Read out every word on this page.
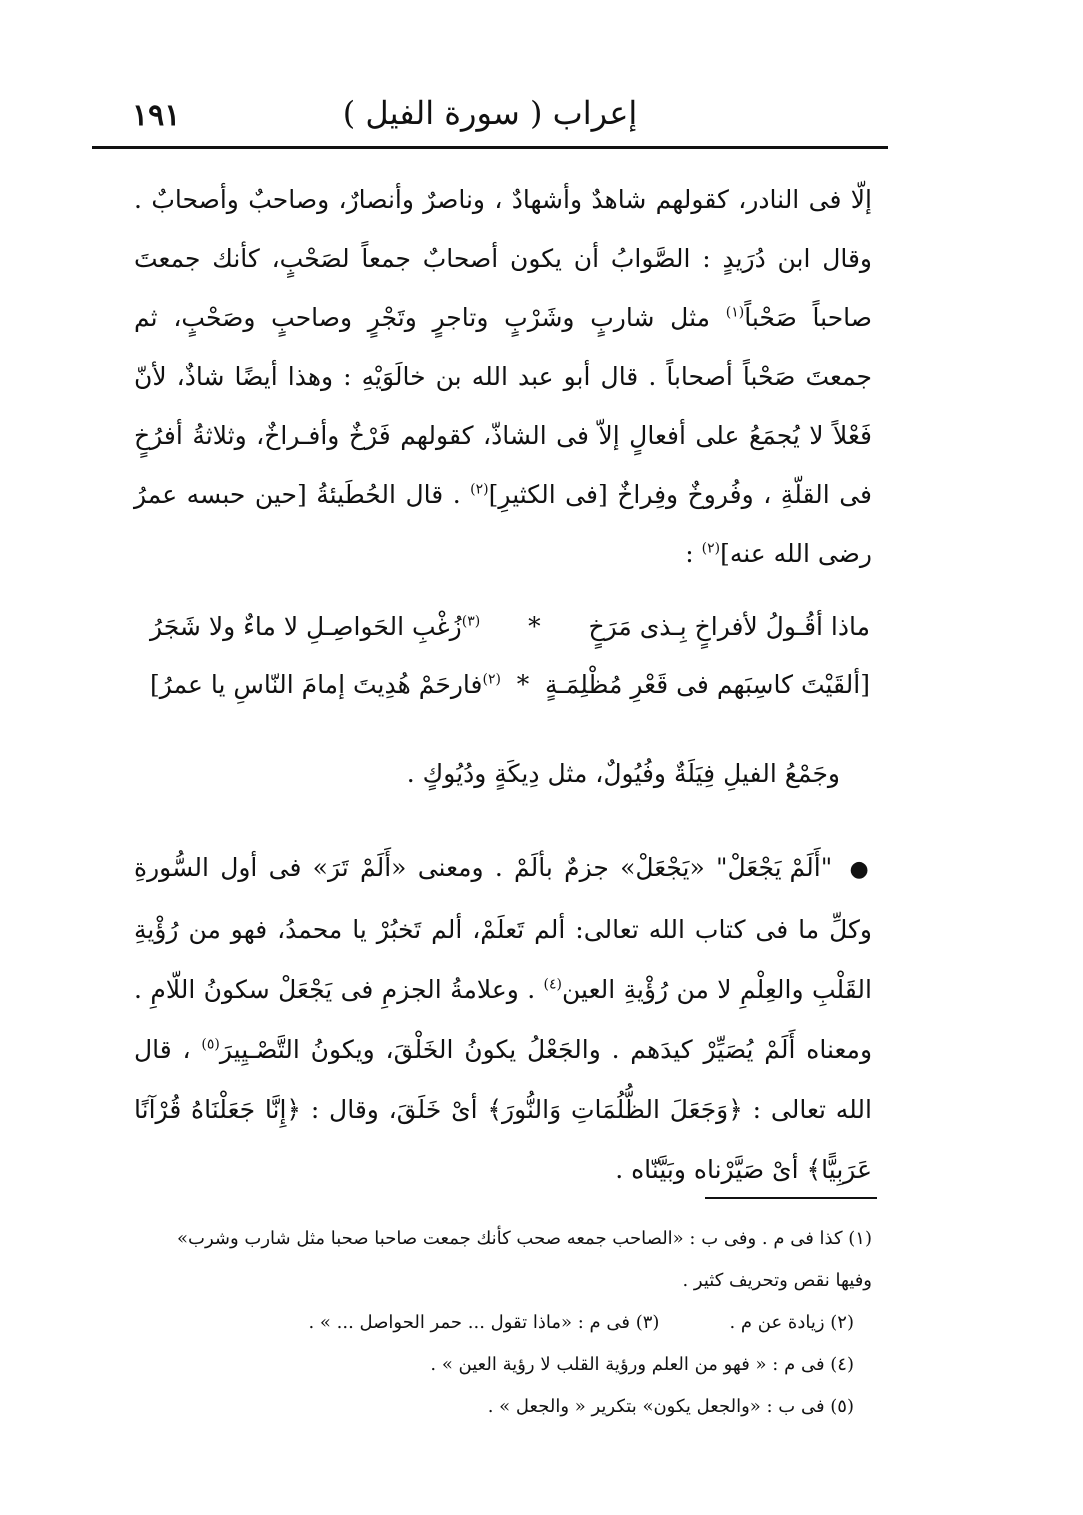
١٩١	إعراب ( سورة الفيل )

إلّا فى النادر، كقولهم شاهدٌ وأشهادٌ ، وناصرٌ وأنصارٌ، وصاحبٌ وأصحابٌ . وقال ابن دُرَيدٍ : الصَّوابُ أن يكون أصحابٌ جمعاً لصَحْبٍ، كأنك جمعتَ صاحباً صَحْباً$^{(١)}$ مثل شاربٍ وشَرْبٍ وتاجرٍ وتَجْرٍ وصاحبٍ وصَحْبٍ، ثم جمعتَ صَحْباً أصحاباً . قال أبو عبد الله بن خالَوَيْهِ : وهذا أيضًا شاذٌ، لأنّ فَعْلاً لا يُجمَعُ على أفعالٍ إلاّ فى الشاذّ، كقولهم فَرْخٌ وأفـراخٌ، وثلاثةُ أفرُخٍ فى القلّةِ ، وفُروخٌ وفِراخٌ [فى الكثيرِ]$^{(٢)}$ . قال الحُطَيئةُ [حين حبسه عمرُ رضى الله عنه]$^{(٢)}$ :

ماذا أقُـولُ لأفراخٍ بِـذى مَرَخٍ
*
$^{(٣)}$زُغْبِ الحَواصِـلِ لا ماءٌ ولا شَجَرُ
[ألقَيْتَ كاسِبَهم فى قَعْرِ مُظْلِمَـةٍ
*
$^{(٢)}$فارحَمْ هُدِيتَ إمامَ النّاسِ يا عمرُ]
وجَمْعُ الفيلِ فِيَلَةٌ وفُيُولٌ، مثل دِيكَةٍ ودُيُوكٍ .

● "أَلَمْ يَجْعَلْ" «يَجْعَلْ» جزمٌ بألَمْ . ومعنى «أَلَمْ تَرَ» فى أول السُّورةِ وكلِّ ما فى كتاب الله تعالى: ألم تَعلَمْ، ألم تَخبُرْ يا محمدُ، فهو من رُؤْيةِ القَلْبِ والعِلْمِ لا من رُؤْيةِ العين$^{(٤)}$ . وعلامةُ الجزمِ فى يَجْعَلْ سكونُ اللّامِ . ومعناه أَلَمْ يُصَيِّرْ كيدَهم . والجَعْلُ يكونُ الخَلْقَ، ويكونُ التَّصْـيِيرَ$^{(٥)}$ ، قال الله تعالى : ﴿وَجَعَلَ الظُّلُمَاتِ وَالنُّورَ﴾ أىْ خَلَقَ، وقال : ﴿إِنَّا جَعَلْنَاهُ قُرْآنًا عَرَبِيًّا﴾ أىْ صَيَّرْناه وبَيَّنّاه .

(١) كذا فى م . وفى ب : «الصاحب جمعه صحب كأنك جمعت صاحبا صحبا مثل شارب وشرب»

وفيها نقص وتحريف كثير .

(٢) زيادة عن م .

(٣) فى م : «ماذا تقول ... حمر الحواصل ... » .

(٤) فى م : « فهو من العلم ورؤية القلب لا رؤية العين » .

(٥) فى ب : «والجعل يكون» بتكرير « والجعل » .
